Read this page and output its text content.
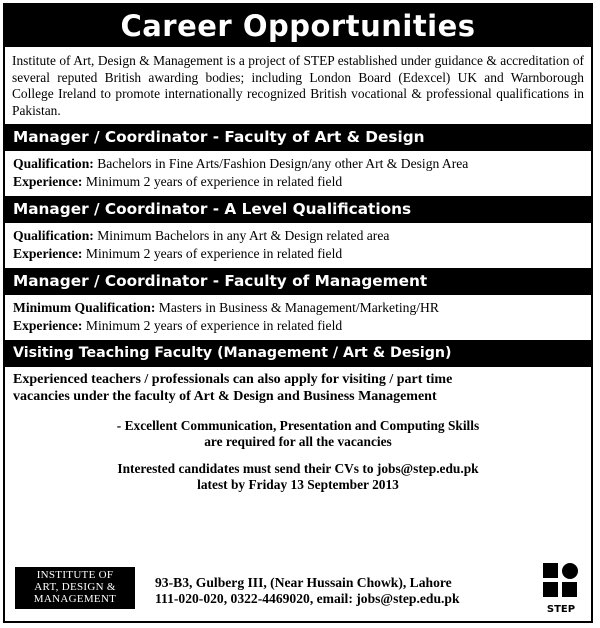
Career Opportunities
Institute of Art, Design & Management is a project of STEP established under guidance & accreditation of several reputed British awarding bodies; including London Board (Edexcel) UK and Warnborough College Ireland to promote internationally recognized British vocational & professional qualifications in Pakistan.
Manager / Coordinator - Faculty of Art & Design
Qualification: Bachelors in Fine Arts/Fashion Design/any other Art & Design Area
Experience: Minimum 2 years of experience in related field
Manager / Coordinator - A Level Qualifications
Qualification: Minimum Bachelors in any Art & Design related area
Experience: Minimum 2 years of experience in related field
Manager / Coordinator - Faculty of Management
Minimum Qualification: Masters in Business & Management/Marketing/HR
Experience: Minimum 2 years of experience in related field
Visiting Teaching Faculty (Management / Art & Design)
Experienced teachers / professionals can also apply for visiting / part time
vacancies under the faculty of Art & Design and Business Management
- Excellent Communication, Presentation and Computing Skills
are required for all the vacancies
Interested candidates must send their CVs to jobs@step.edu.pk
latest by Friday 13 September 2013
INSTITUTE OF
ART, DESIGN &
MANAGEMENT
93-B3, Gulberg III, (Near Hussain Chowk), Lahore
111-020-020, 0322-4469020, email: jobs@step.edu.pk
STEP
